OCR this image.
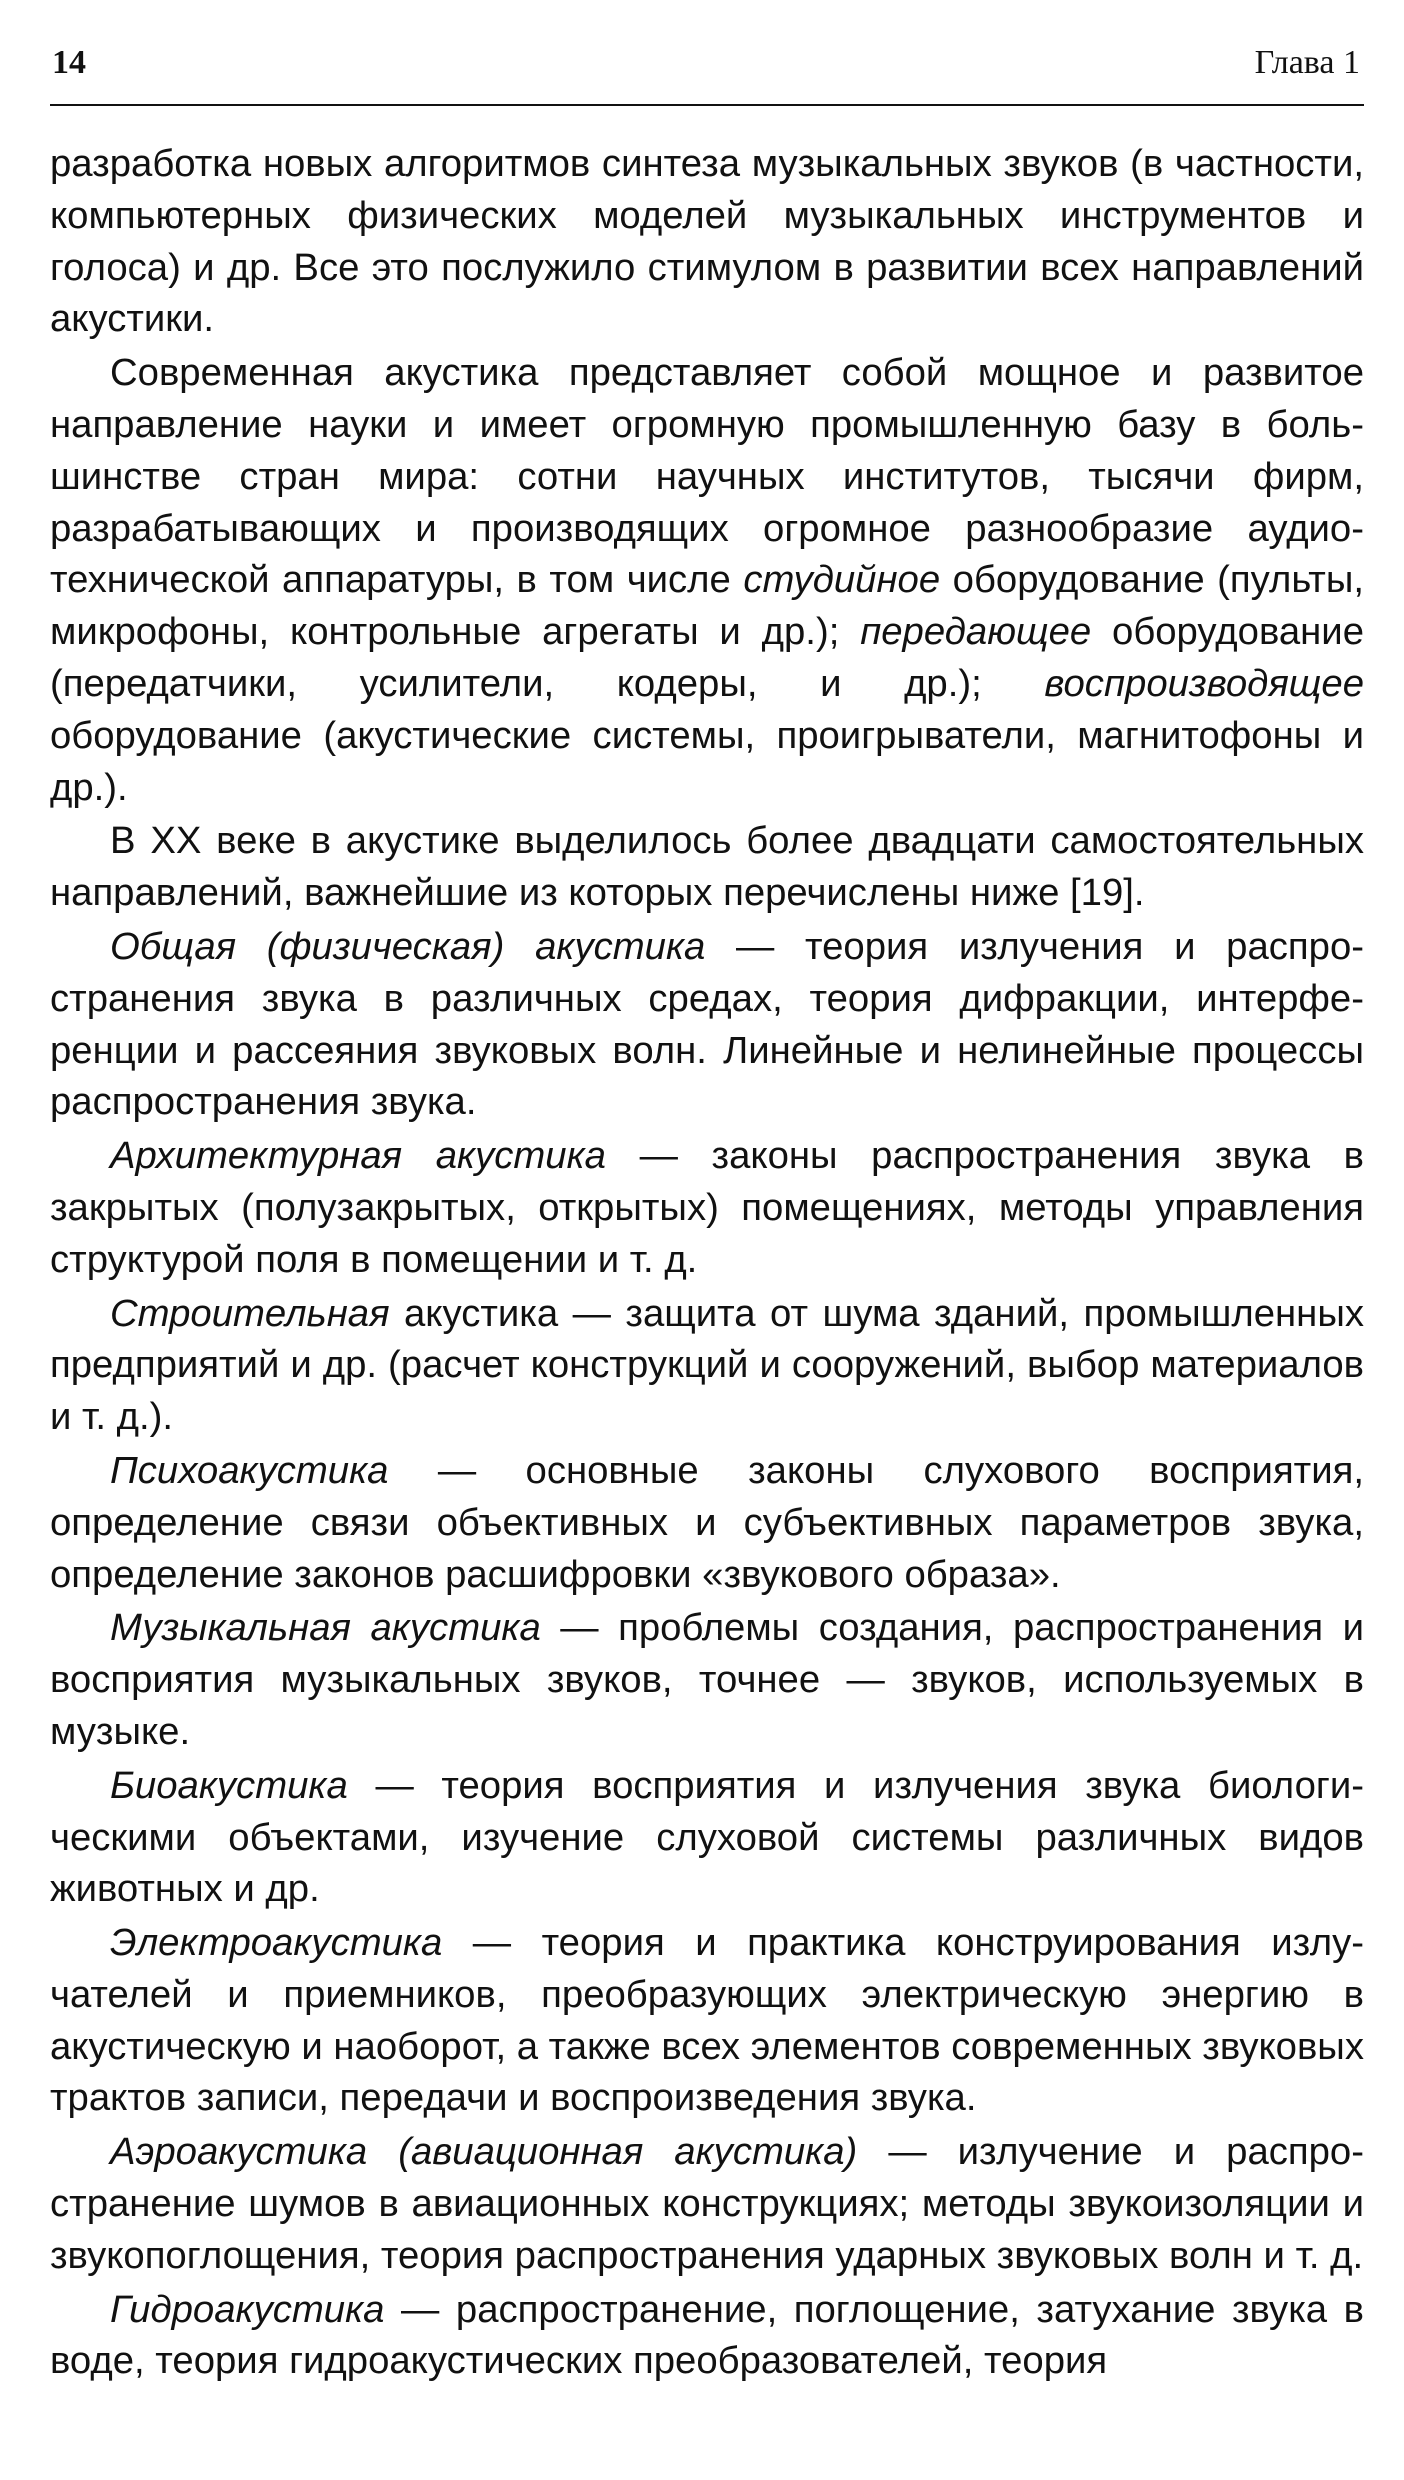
14	Глава 1

разработка новых алгоритмов синтеза музыкальных звуков (в частности, компьютерных физических моделей музыкальных инструментов и голоса) и др. Все это послужило стимулом в развитии всех направлений акустики.

Современная акустика представляет собой мощное и развитое направление науки и имеет огромную промышленную базу в большинстве стран мира: сотни научных институтов, тысячи фирм, разрабатывающих и производящих огромное разнообразие аудиотехнической аппаратуры, в том числе студийное оборудование (пульты, микрофоны, контрольные агрегаты и др.); передающее оборудование (передатчики, усилители, кодеры, и др.); воспроизводящее оборудование (акустические системы, проигрыватели, магнитофоны и др.).

В XX веке в акустике выделилось более двадцати самостоятельных направлений, важнейшие из которых перечислены ниже [19].

Общая (физическая) акустика — теория излучения и распространения звука в различных средах, теория дифракции, интерференции и рассеяния звуковых волн. Линейные и нелинейные процессы распространения звука.

Архитектурная акустика — законы распространения звука в закрытых (полузакрытых, открытых) помещениях, методы управления структурой поля в помещении и т. д.

Строительная акустика — защита от шума зданий, промышленных предприятий и др. (расчет конструкций и сооружений, выбор материалов и т. д.).

Психоакустика — основные законы слухового восприятия, определение связи объективных и субъективных параметров звука, определение законов расшифровки «звукового образа».

Музыкальная акустика — проблемы создания, распространения и восприятия музыкальных звуков, точнее — звуков, используемых в музыке.

Биоакустика — теория восприятия и излучения звука биологическими объектами, изучение слуховой системы различных видов животных и др.

Электроакустика — теория и практика конструирования излучателей и приемников, преобразующих электрическую энергию в акустическую и наоборот, а также всех элементов современных звуковых трактов записи, передачи и воспроизведения звука.

Аэроакустика (авиационная акустика) — излучение и распространение шумов в авиационных конструкциях; методы звукоизоляции и звукопоглощения, теория распространения ударных звуковых волн и т. д.

Гидроакустика — распространение, поглощение, затухание звука в воде, теория гидроакустических преобразователей, теория
